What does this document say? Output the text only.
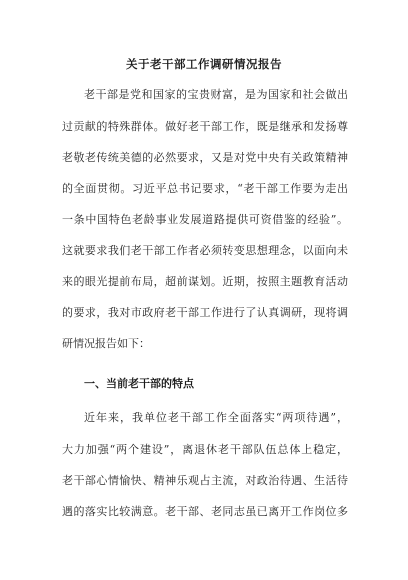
关于老干部工作调研情况报告
老干部是党和国家的宝贵财富，是为国家和社会做出
过贡献的特殊群体。做好老干部工作，既是继承和发扬尊
老敬老传统美德的必然要求，又是对党中央有关政策精神
的全面贯彻。习近平总书记要求，“老干部工作要为走出
一条中国特色老龄事业发展道路提供可资借鉴的经验”。
这就要求我们老干部工作者必须转变思想理念，以面向未
来的眼光提前布局，超前谋划。近期，按照主题教育活动
的要求，我对市政府老干部工作进行了认真调研，现将调
研情况报告如下：
一、当前老干部的特点
近年来，我单位老干部工作全面落实“两项待遇”，
大力加强“两个建设”，离退休老干部队伍总体上稳定，
老干部心情愉快、精神乐观占主流，对政治待遇、生活待
遇的落实比较满意。老干部、老同志虽已离开工作岗位多
